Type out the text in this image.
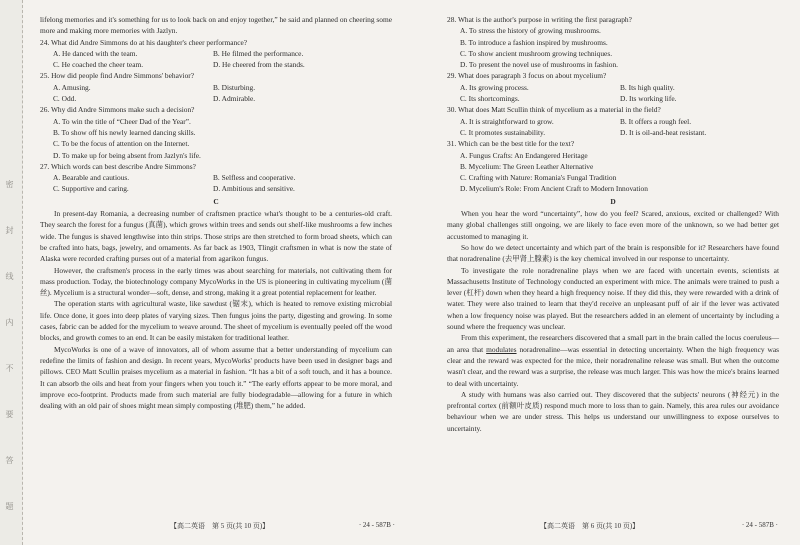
密 封 线 内 不 要 答 题

lifelong memories and it's something for us to look back on and enjoy together,” he said and planned on cheering some more and making more memories with Jazlyn.

24. What did Andre Simmons do at his daughter's cheer performance?

A. He danced with the team.	B. He filmed the performance.
C. He coached the cheer team.	D. He cheered from the stands.

25. How did people find Andre Simmons' behavior?

A. Amusing.	B. Disturbing.
C. Odd.	D. Admirable.

26. Why did Andre Simmons make such a decision?

A. To win the title of “Cheer Dad of the Year”.

B. To show off his newly learned dancing skills.

C. To be the focus of attention on the Internet.

D. To make up for being absent from Jazlyn's life.

27. Which words can best describe Andre Simmons?

A. Bearable and cautious.	B. Selfless and cooperative.
C. Supportive and caring.	D. Ambitious and sensitive.
C

In present-day Romania, a decreasing number of craftsmen practice what's thought to be a centuries-old craft. They search the forest for a fungus (真菌), which grows within trees and sends out shelf-like mushrooms a few inches wide. The fungus is shaved lengthwise into thin strips. Those strips are then stretched to form broad sheets, which can be crafted into hats, bags, jewelry, and ornaments. As far back as 1903, Tlingit craftsmen in what is now the state of Alaska were recorded crafting purses out of a material from agarikon fungus.

However, the craftsmen's process in the early times was about searching for materials, not cultivating them for mass production. Today, the biotechnology company MycoWorks in the US is pioneering in cultivating mycelium (菌丝). Mycelium is a structural wonder—soft, dense, and strong, making it a great potential replacement for leather.

The operation starts with agricultural waste, like sawdust (锯末), which is heated to remove existing microbial life. Once done, it goes into deep plates of varying sizes. Then fungus joins the party, digesting and growing. In some cases, fabric can be added for the mycelium to weave around. The sheet of mycelium is eventually peeled off the wood blocks, and growth comes to an end. It can be easily mistaken for traditional leather.

MycoWorks is one of a wave of innovators, all of whom assume that a better understanding of mycelium can redefine the limits of fashion and design. In recent years, MycoWorks' products have been used in designer bags and pillows. CEO Matt Scullin praises mycelium as a material in fashion. “It has a bit of a soft touch, and it has a bounce. It can absorb the oils and heat from your fingers when you touch it.” “The early efforts appear to be more moral, and improve eco-footprint. Products made from such material are fully biodegradable—allowing for a future in which dealing with an old pair of shoes might mean simply composting (堆肥) them,” he added.

28. What is the author's purpose in writing the first paragraph?

A. To stress the history of growing mushrooms.

B. To introduce a fashion inspired by mushrooms.

C. To show ancient mushroom growing techniques.

D. To present the novel use of mushrooms in fashion.

29. What does paragraph 3 focus on about mycelium?

A. Its growing process.	B. Its high quality.
C. Its shortcomings.	D. Its working life.

30. What does Matt Scullin think of mycelium as a material in the field?

A. It is straightforward to grow.	B. It offers a rough feel.
C. It promotes sustainability.	D. It is oil-and-heat resistant.

31. Which can be the best title for the text?

A. Fungus Crafts: An Endangered Heritage

B. Mycelium: The Green Leather Alternative

C. Crafting with Nature: Romania's Fungal Tradition

D. Mycelium's Role: From Ancient Craft to Modern Innovation

D

When you hear the word “uncertainty”, how do you feel? Scared, anxious, excited or challenged? With many global challenges still ongoing, we are likely to face even more of the unknown, so we had better get accustomed to managing it.

So how do we detect uncertainty and which part of the brain is responsible for it? Researchers have found that noradrenaline (去甲肾上腺素) is the key chemical involved in our response to uncertainty.

To investigate the role noradrenaline plays when we are faced with uncertain events, scientists at Massachusetts Institute of Technology conducted an experiment with mice. The animals were trained to push a lever (杠杆) down when they heard a high frequency noise. If they did this, they were rewarded with a drink of water. They were also trained to learn that they'd receive an unpleasant puff of air if the lever was activated when a low frequency noise was played. But the researchers added in an element of uncertainty by including a sound where the frequency was unclear.

From this experiment, the researchers discovered that a small part in the brain called the locus coeruleus—an area that modulates noradrenaline—was essential in detecting uncertainty. When the high frequency was clear and the reward was expected for the mice, their noradrenaline release was small. But when the outcome wasn't clear, and the reward was a surprise, the release was much larger. This was how the mice's brains learned to deal with uncertainty.

A study with humans was also carried out. They discovered that the subjects' neurons (神经元) in the prefrontal cortex (前额叶皮质) respond much more to loss than to gain. Namely, this area rules our avoidance behaviour when we are under stress. This helps us understand our unwillingness to expose ourselves to uncertainty.

【高二英语　第 5 页(共 10 页)】	· 24 - 587B ·	【高二英语　第 6 页(共 10 页)】	· 24 - 587B ·
